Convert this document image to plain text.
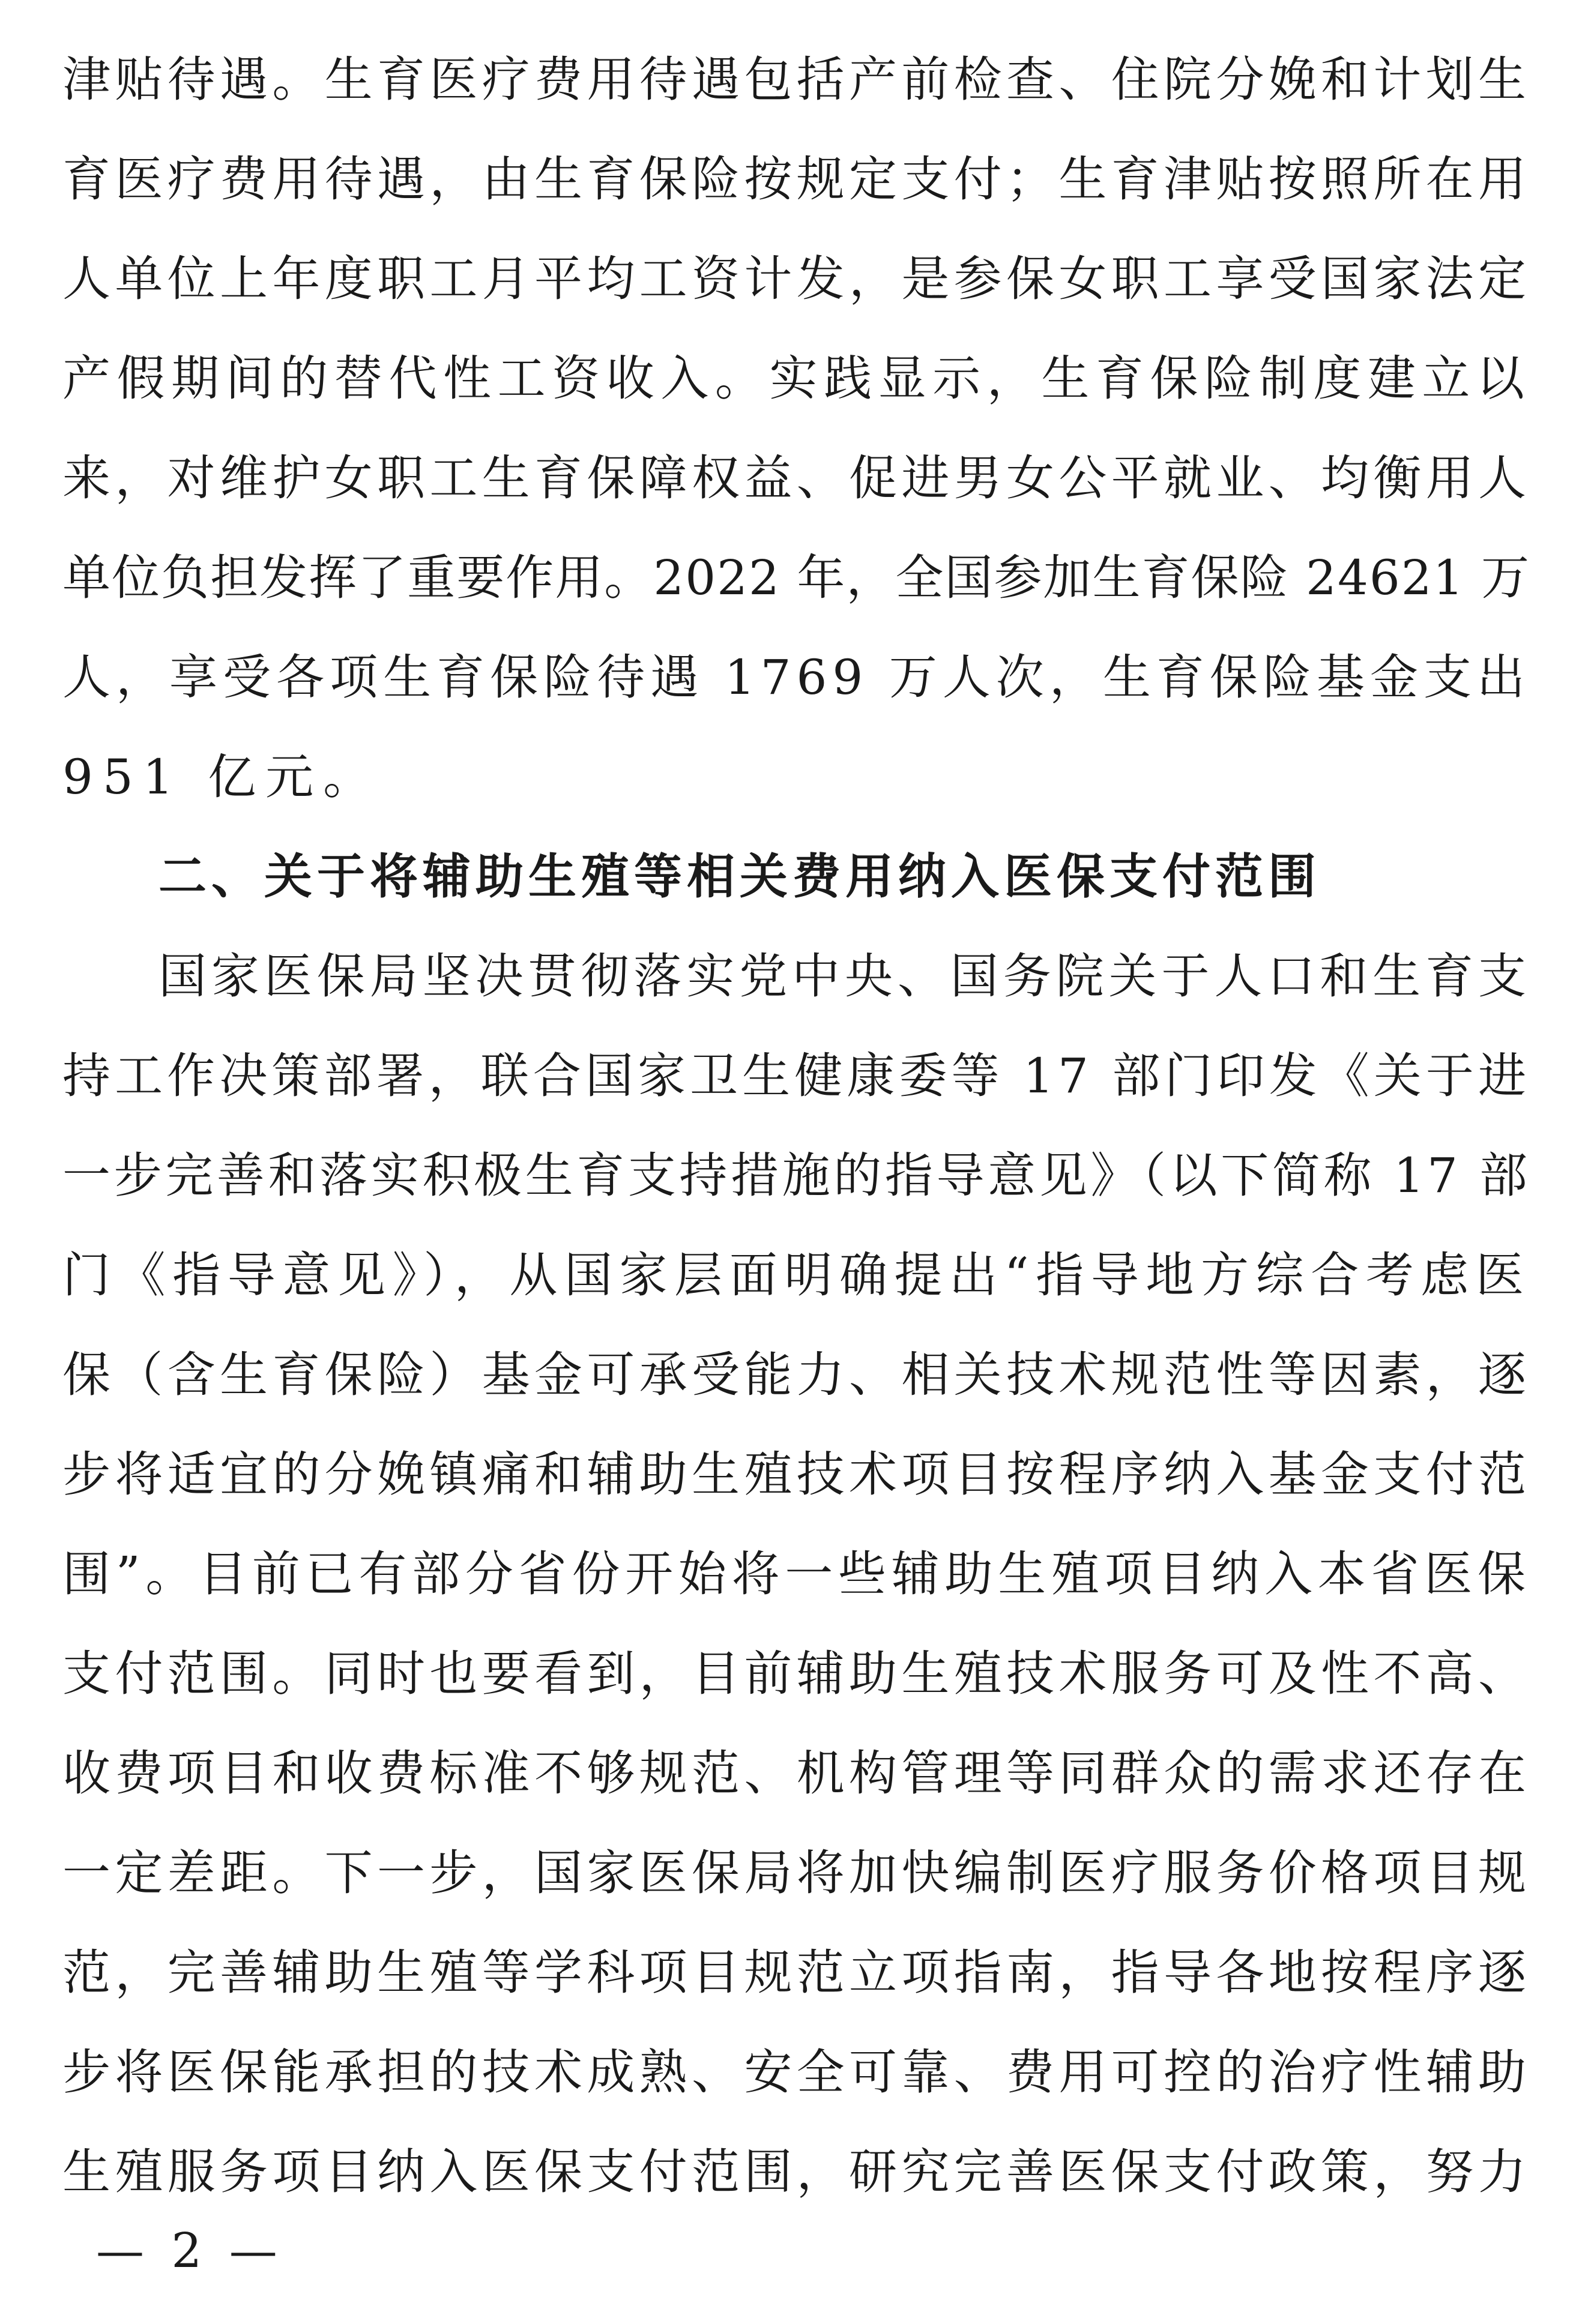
津贴待遇。生育医疗费用待遇包括产前检查、住院分娩和计划生
育医疗费用待遇，由生育保险按规定支付；生育津贴按照所在用
人单位上年度职工月平均工资计发，是参保女职工享受国家法定
产假期间的替代性工资收入。实践显示，生育保险制度建立以
来，对维护女职工生育保障权益、促进男女公平就业、均衡用人
单位负担发挥了重要作用。2022 年，全国参加生育保险 24621 万
人，享受各项生育保险待遇 1769 万人次，生育保险基金支出
951 亿元。
二、关于将辅助生殖等相关费用纳入医保支付范围
国家医保局坚决贯彻落实党中央、国务院关于人口和生育支
持工作决策部署，联合国家卫生健康委等 17 部门印发《关于进
一步完善和落实积极生育支持措施的指导意见》（以下简称 17 部
门《指导意见》），从国家层面明确提出“指导地方综合考虑医
保（含生育保险）基金可承受能力、相关技术规范性等因素，逐
步将适宜的分娩镇痛和辅助生殖技术项目按程序纳入基金支付范
围”。目前已有部分省份开始将一些辅助生殖项目纳入本省医保
支付范围。同时也要看到，目前辅助生殖技术服务可及性不高、
收费项目和收费标准不够规范、机构管理等同群众的需求还存在
一定差距。下一步，国家医保局将加快编制医疗服务价格项目规
范，完善辅助生殖等学科项目规范立项指南，指导各地按程序逐
步将医保能承担的技术成熟、安全可靠、费用可控的治疗性辅助
生殖服务项目纳入医保支付范围，研究完善医保支付政策，努力
— 2 —
